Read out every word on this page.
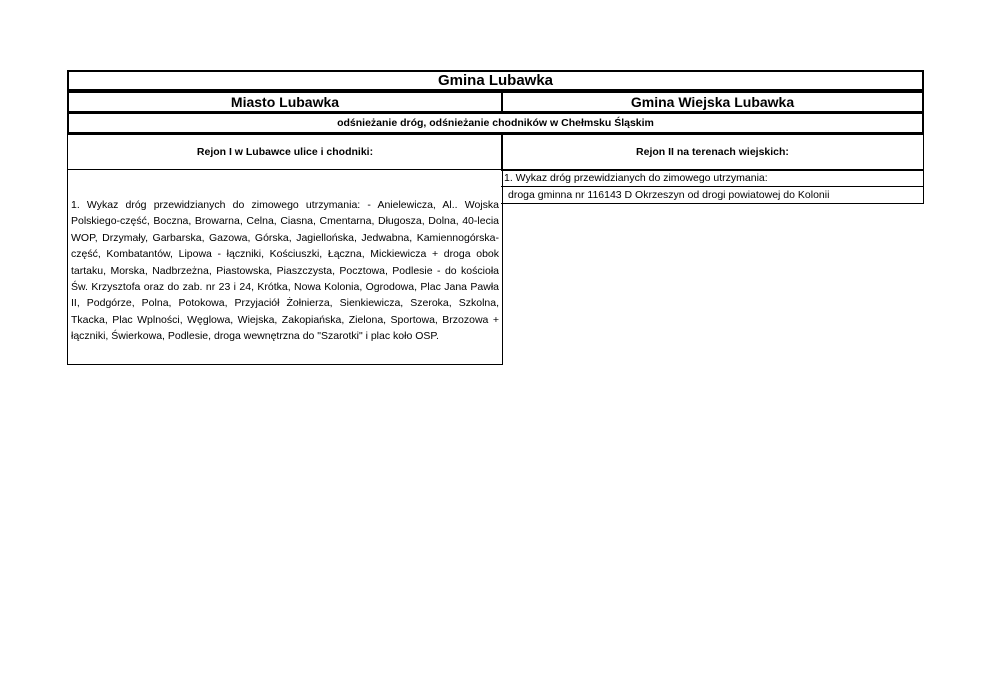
Gmina Lubawka
Miasto Lubawka	Gmina Wiejska Lubawka
odśnieżanie dróg, odśnieżanie chodników w Chełmsku Śląskim
Rejon I w Lubawce ulice i chodniki:	Rejon II na terenach wiejskich:
1. Wykaz dróg przewidzianych do zimowego utrzymania: - Anielewicza, Al.. Wojska Polskiego-część, Boczna, Browarna, Celna, Ciasna, Cmentarna, Długosza, Dolna, 40-lecia WOP, Drzymały, Garbarska, Gazowa, Górska, Jagiellońska, Jedwabna, Kamiennogórska- część, Kombatantów, Lipowa - łączniki, Kościuszki, Łączna, Mickiewicza + droga obok tartaku, Morska, Nadbrzeżna, Piastowska, Piaszczysta, Pocztowa, Podlesie - do kościoła Św. Krzysztofa oraz do zab. nr 23 i 24, Krótka, Nowa Kolonia, Ogrodowa, Plac Jana Pawła II, Podgórze, Polna, Potokowa, Przyjaciół Żołnierza, Sienkiewicza, Szeroka, Szkolna, Tkacka, Plac Wplności, Węglowa, Wiejska, Zakopiańska, Zielona, Sportowa, Brzozowa + łączniki, Świerkowa, Podlesie, droga wewnętrzna do "Szarotki" i plac koło OSP.
1. Wykaz dróg przewidzianych do zimowego utrzymania:
droga gminna nr 116143 D Okrzeszyn od drogi powiatowej do Kolonii
